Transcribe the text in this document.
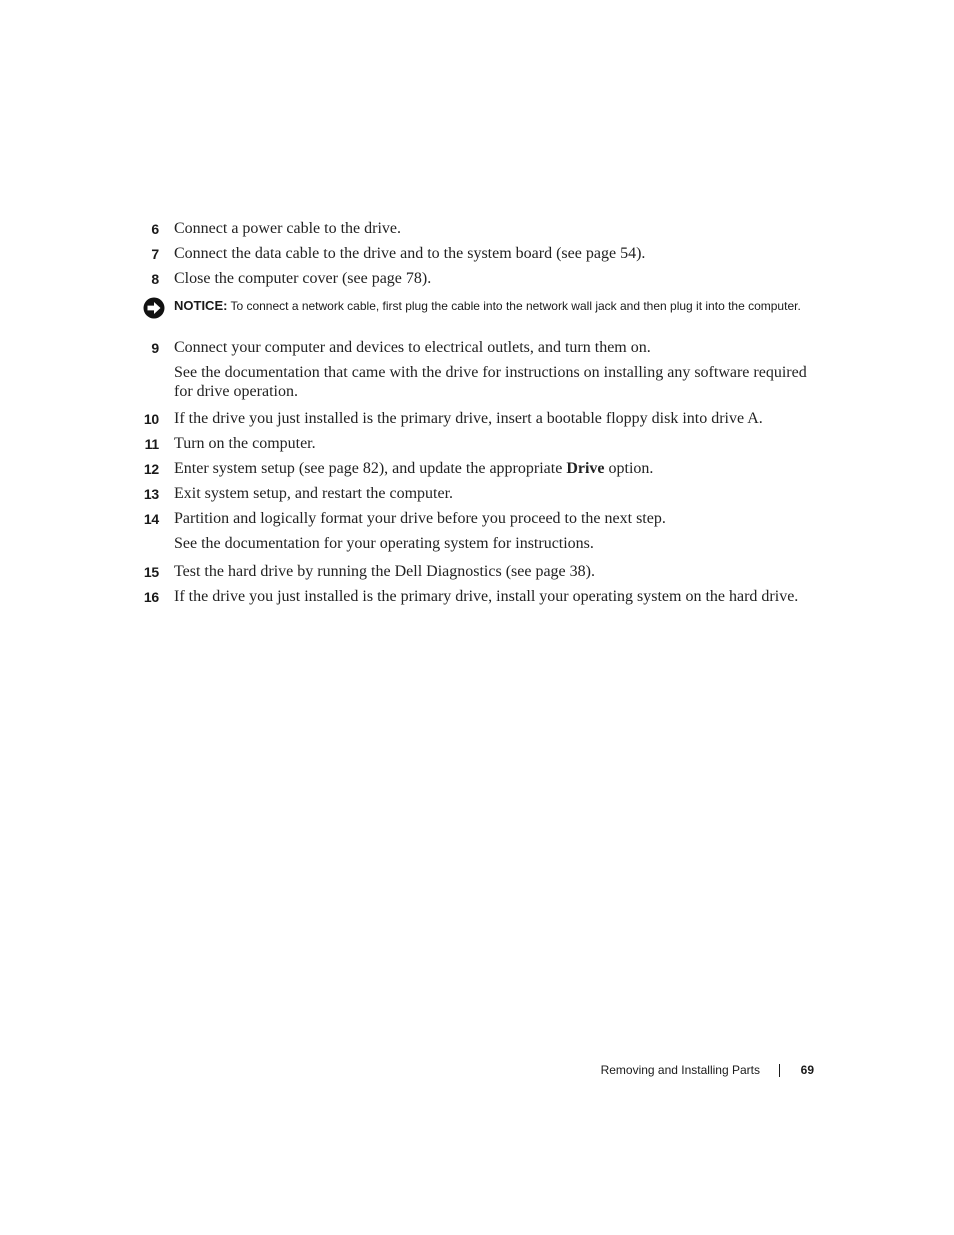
6 Connect a power cable to the drive.
7 Connect the data cable to the drive and to the system board (see page 54).
8 Close the computer cover (see page 78).
NOTICE: To connect a network cable, first plug the cable into the network wall jack and then plug it into the computer.
9 Connect your computer and devices to electrical outlets, and turn them on.
See the documentation that came with the drive for instructions on installing any software required for drive operation.
10 If the drive you just installed is the primary drive, insert a bootable floppy disk into drive A.
11 Turn on the computer.
12 Enter system setup (see page 82), and update the appropriate Drive option.
13 Exit system setup, and restart the computer.
14 Partition and logically format your drive before you proceed to the next step.
See the documentation for your operating system for instructions.
15 Test the hard drive by running the Dell Diagnostics (see page 38).
16 If the drive you just installed is the primary drive, install your operating system on the hard drive.
Removing and Installing Parts	69
